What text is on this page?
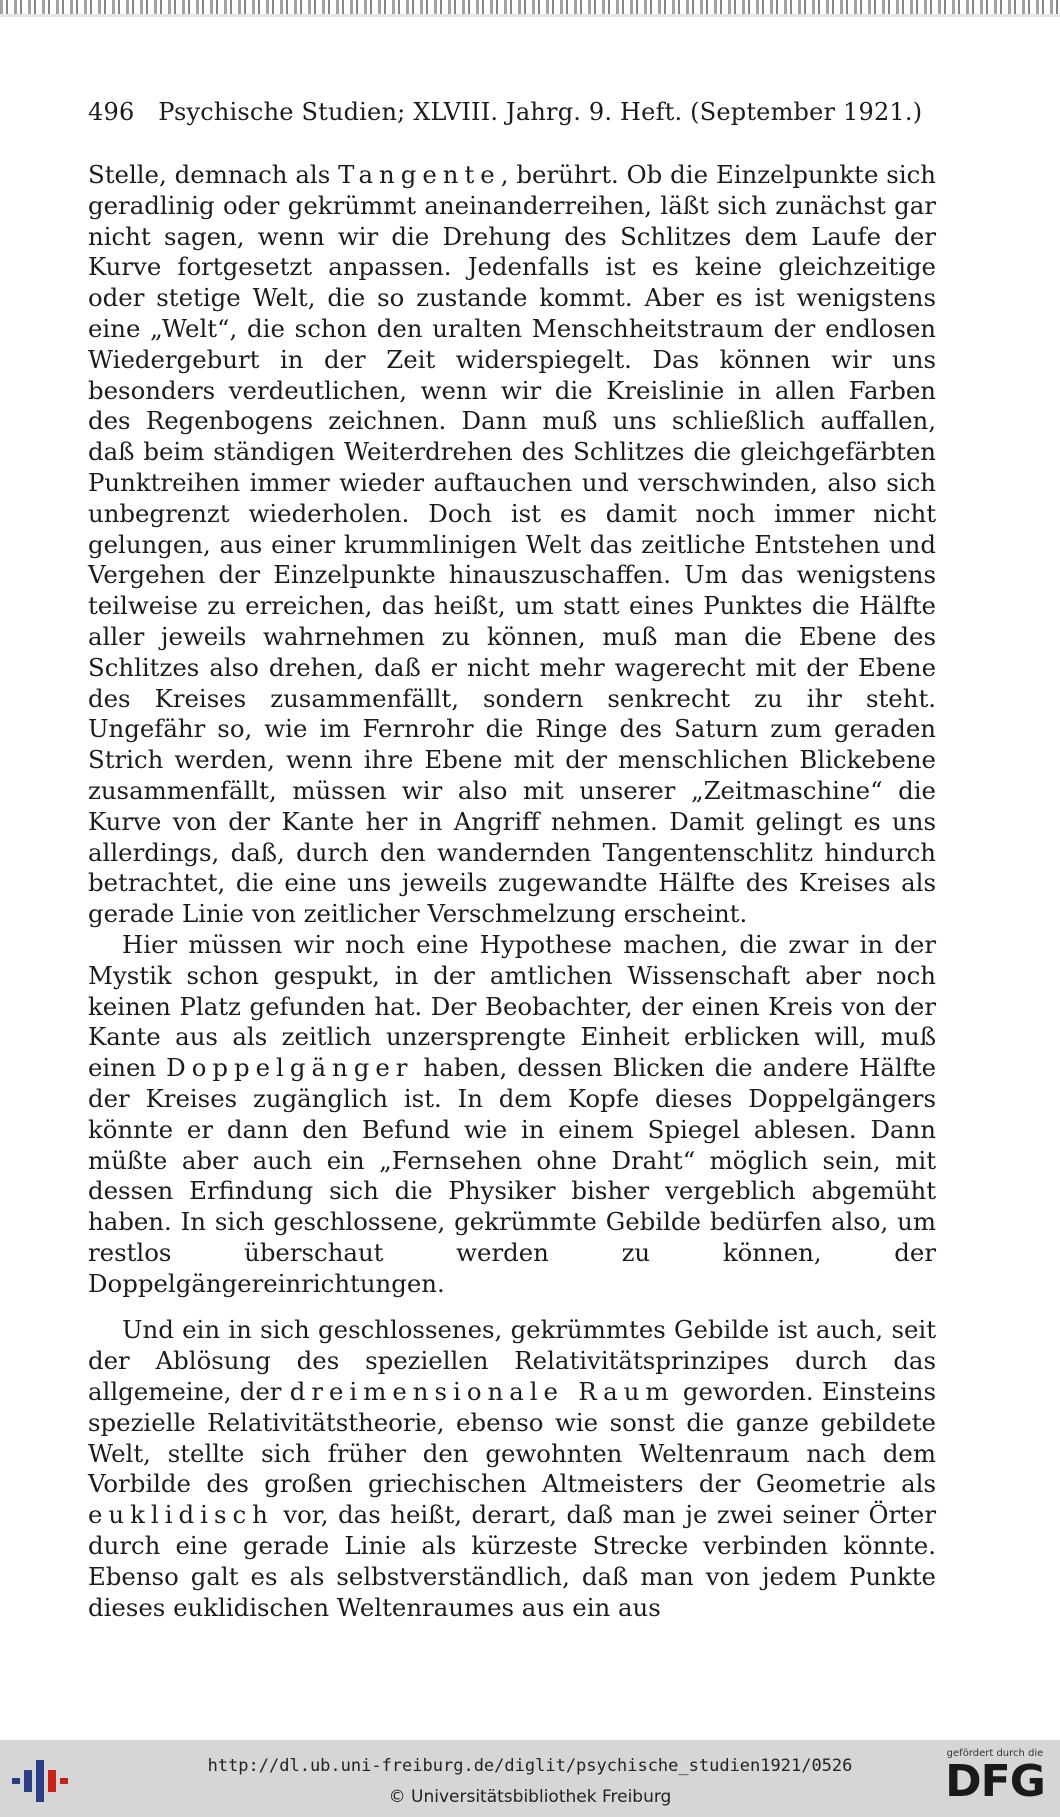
496 Psychische Studien; XLVIII. Jahrg. 9. Heft. (September 1921.)

Stelle, demnach als Tangente, berührt. Ob die Einzelpunkte sich geradlinig oder gekrümmt aneinanderreihen, läßt sich zunächst gar nicht sagen, wenn wir die Drehung des Schlitzes dem Laufe der Kurve fortgesetzt anpassen. Jedenfalls ist es keine gleichzeitige oder stetige Welt, die so zustande kommt. Aber es ist wenigstens eine „Welt“, die schon den uralten Menschheitstraum der endlosen Wiedergeburt in der Zeit widerspiegelt. Das können wir uns besonders verdeutlichen, wenn wir die Kreislinie in allen Farben des Regenbogens zeichnen. Dann muß uns schließlich auffallen, daß beim ständigen Weiterdrehen des Schlitzes die gleichgefärbten Punktreihen immer wieder auftauchen und verschwinden, also sich unbegrenzt wiederholen. Doch ist es damit noch immer nicht gelungen, aus einer krummlinigen Welt das zeitliche Entstehen und Vergehen der Einzelpunkte hinauszuschaffen. Um das wenigstens teilweise zu erreichen, das heißt, um statt eines Punktes die Hälfte aller jeweils wahrnehmen zu können, muß man die Ebene des Schlitzes also drehen, daß er nicht mehr wagerecht mit der Ebene des Kreises zusammenfällt, sondern senkrecht zu ihr steht. Ungefähr so, wie im Fernrohr die Ringe des Saturn zum geraden Strich werden, wenn ihre Ebene mit der menschlichen Blickebene zusammenfällt, müssen wir also mit unserer „Zeitmaschine“ die Kurve von der Kante her in Angriff nehmen. Damit gelingt es uns allerdings, daß, durch den wandernden Tangentenschlitz hindurch betrachtet, die eine uns jeweils zugewandte Hälfte des Kreises als gerade Linie von zeitlicher Verschmelzung erscheint.

Hier müssen wir noch eine Hypothese machen, die zwar in der Mystik schon gespukt, in der amtlichen Wissenschaft aber noch keinen Platz gefunden hat. Der Beobachter, der einen Kreis von der Kante aus als zeitlich unzersprengte Einheit erblicken will, muß einen Doppelgänger haben, dessen Blicken die andere Hälfte der Kreises zugänglich ist. In dem Kopfe dieses Doppelgängers könnte er dann den Befund wie in einem Spiegel ablesen. Dann müßte aber auch ein „Fernsehen ohne Draht“ möglich sein, mit dessen Erfindung sich die Physiker bisher vergeblich abgemüht haben. In sich geschlossene, gekrümmte Gebilde bedürfen also, um restlos überschaut werden zu können, der Doppelgängereinrichtungen.

Und ein in sich geschlossenes, gekrümmtes Gebilde ist auch, seit der Ablösung des speziellen Relativitätsprinzipes durch das allgemeine, der dreimensionale Raum geworden. Einsteins spezielle Relativitätstheorie, ebenso wie sonst die ganze gebildete Welt, stellte sich früher den gewohnten Weltenraum nach dem Vorbilde des großen griechischen Altmeisters der Geometrie als euklidisch vor, das heißt, derart, daß man je zwei seiner Örter durch eine gerade Linie als kürzeste Strecke verbinden könnte. Ebenso galt es als selbstverständlich, daß man von jedem Punkte dieses euklidischen Weltenraumes aus ein aus

http://dl.ub.uni-freiburg.de/diglit/psychische_studien1921/0526
© Universitätsbibliothek Freiburg
gefördert durch die
DFG
